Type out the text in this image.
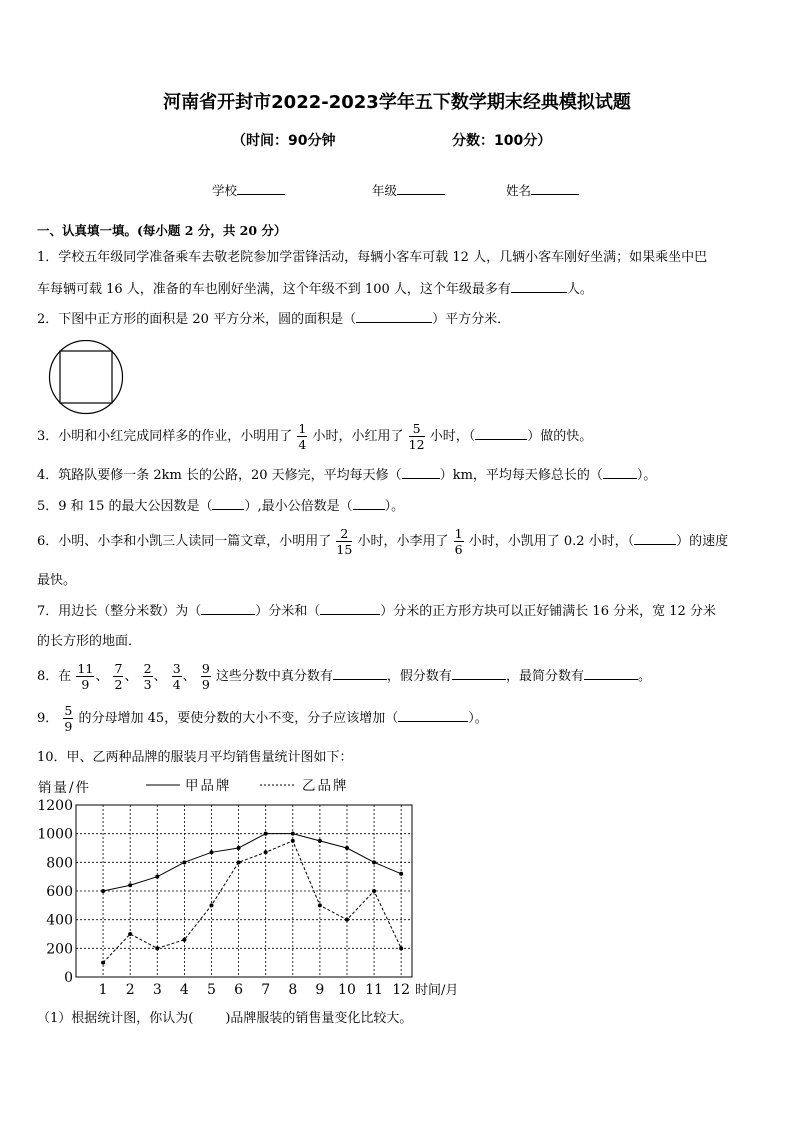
河南省开封市2022-2023学年五下数学期末经典模拟试题
（时间：90分钟	分数：100分）
学校	年级	姓名
一、认真填一填。(每小题 2 分，共 20 分）
1．学校五年级同学准备乘车去敬老院参加学雷锋活动，每辆小客车可载 12 人，几辆小客车刚好坐满；如果乘坐中巴
车每辆可载 16 人，准备的车也刚好坐满，这个年级不到 100 人，这个年级最多有	人。
2．下图中正方形的面积是 20 平方分米，圆的面积是（	）平方分米．
3．小明和小红完成同样多的作业，小明用了 $\frac{1}{4}$ 小时，小红用了 $\frac{5}{12}$ 小时，（	）做的快。
4．筑路队要修一条 2km 长的公路，20 天修完，平均每天修（	）km，平均每天修总长的（	）。
5．9 和 15 的最大公因数是（ ）,最小公倍数是（ ）。
6．小明、小李和小凯三人读同一篇文章，小明用了 $\frac{2}{15}$ 小时，小李用了 $\frac{1}{6}$ 小时，小凯用了 0.2 小时，（	）的速度
最快。
7．用边长（整分米数）为（	）分米和（	）分米的正方形方块可以正好铺满长 16 分米，宽 12 分米
的长方形的地面．
8．在 $\frac{11}{9}$ 、 $\frac{7}{2}$ 、 $\frac{2}{3}$ 、 $\frac{3}{4}$ 、 $\frac{9}{9}$ 这些分数中真分数有	，假分数有	，最简分数有	。
9． $\frac{5}{9}$ 的分母增加 45，要使分数的大小不变，分子应该增加（	）。
10．甲、乙两种品牌的服装月平均销售量统计图如下：
0
200
400
600
800
1000
1200
1 2 3 4 5 6 7 8 9 10 11 12
销量/件
时间/月
甲品牌	乙品牌
（1）根据统计图，你认为( )品牌服装的销售量变化比较大。
